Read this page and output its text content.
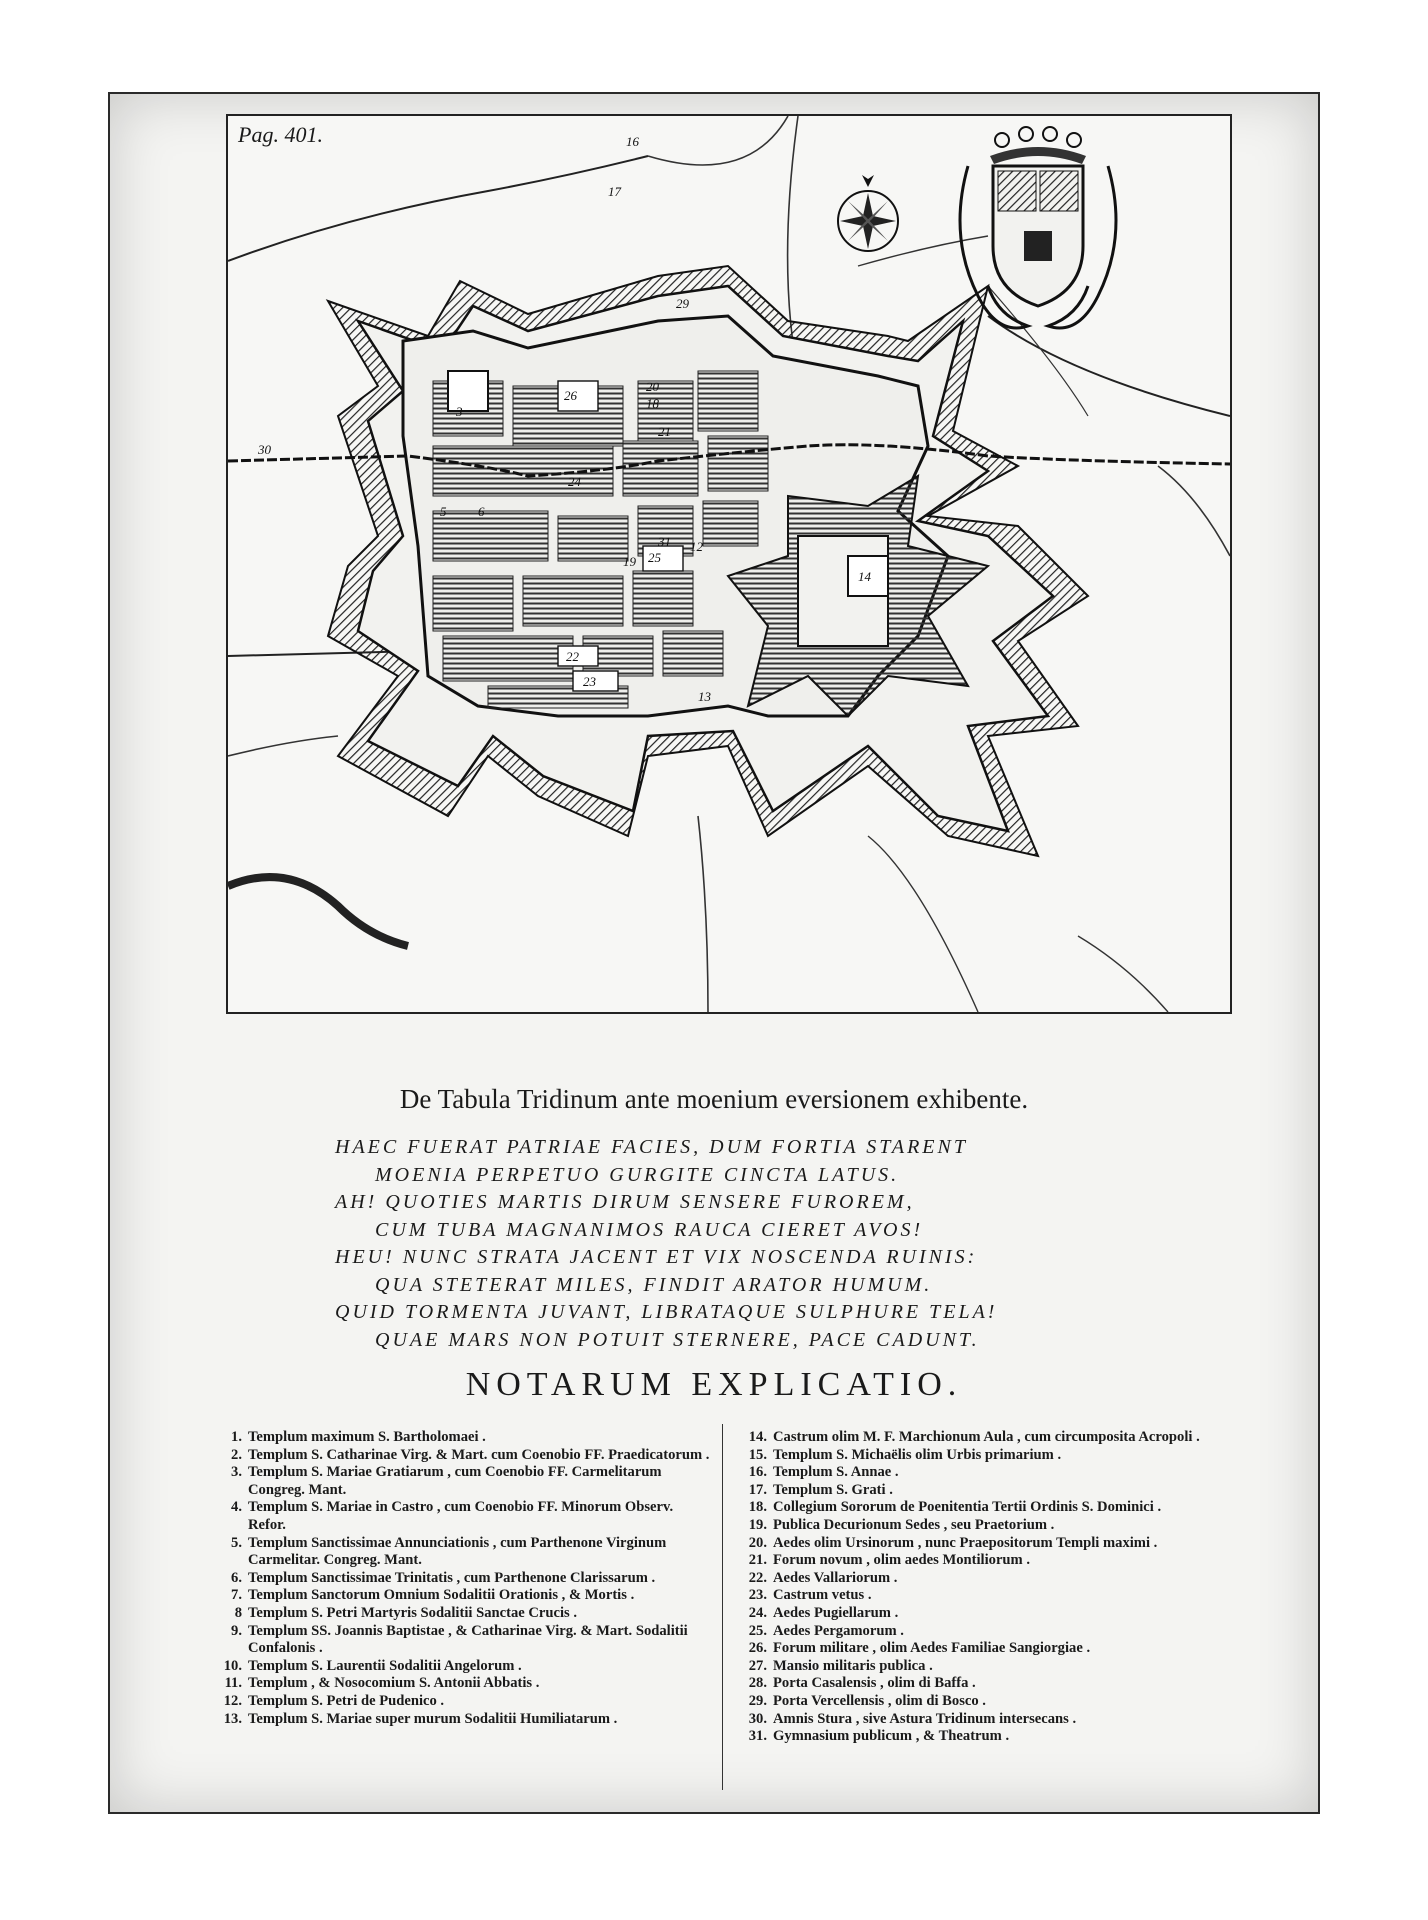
3
5 6
12
13
14
16
17
18
19
20
21
22
23
24
25
26
29
30
31
Pag. 401.
De Tabula Tridinum ante moenium eversionem exhibente.
HAEC FUERAT PATRIAE FACIES, DUM FORTIA STARENT
MOENIA PERPETUO GURGITE CINCTA LATUS.
AH! QUOTIES MARTIS DIRUM SENSERE FUROREM,
CUM TUBA MAGNANIMOS RAUCA CIERET AVOS!
HEU! NUNC STRATA JACENT ET VIX NOSCENDA RUINIS:
QUA STETERAT MILES, FINDIT ARATOR HUMUM.
QUID TORMENTA JUVANT, LIBRATAQUE SULPHURE TELA!
QUAE MARS NON POTUIT STERNERE, PACE CADUNT.
NOTARUM EXPLICATIO.
1. Templum maximum S. Bartholomaei .
2. Templum S. Catharinae Virg. & Mart. cum Coenobio FF. Praedicatorum .
3. Templum S. Mariae Gratiarum , cum Coenobio FF. Carmelitarum Congreg. Mant.
4. Templum S. Mariae in Castro , cum Coenobio FF. Minorum Observ. Refor.
5. Templum Sanctissimae Annunciationis , cum Parthenone Virginum Carmelitar. Congreg. Mant.
6. Templum Sanctissimae Trinitatis , cum Parthenone Clarissarum .
7. Templum Sanctorum Omnium Sodalitii Orationis , & Mortis .
8 Templum S. Petri Martyris Sodalitii Sanctae Crucis .
9. Templum SS. Joannis Baptistae , & Catharinae Virg. & Mart. Sodalitii Confalonis .
10. Templum S. Laurentii Sodalitii Angelorum .
11. Templum , & Nosocomium S. Antonii Abbatis .
12. Templum S. Petri de Pudenico .
13. Templum S. Mariae super murum Sodalitii Humiliatarum .
14. Castrum olim M. F. Marchionum Aula , cum circumposita Acropoli .
15. Templum S. Michaëlis olim Urbis primarium .
16. Templum S. Annae .
17. Templum S. Grati .
18. Collegium Sororum de Poenitentia Tertii Ordinis S. Dominici .
19. Publica Decurionum Sedes , seu Praetorium .
20. Aedes olim Ursinorum , nunc Praepositorum Templi maximi .
21. Forum novum , olim aedes Montiliorum .
22. Aedes Vallariorum .
23. Castrum vetus .
24. Aedes Pugiellarum .
25. Aedes Pergamorum .
26. Forum militare , olim Aedes Familiae Sangiorgiae .
27. Mansio militaris publica .
28. Porta Casalensis , olim di Baffa .
29. Porta Vercellensis , olim di Bosco .
30. Amnis Stura , sive Astura Tridinum intersecans .
31. Gymnasium publicum , & Theatrum .
